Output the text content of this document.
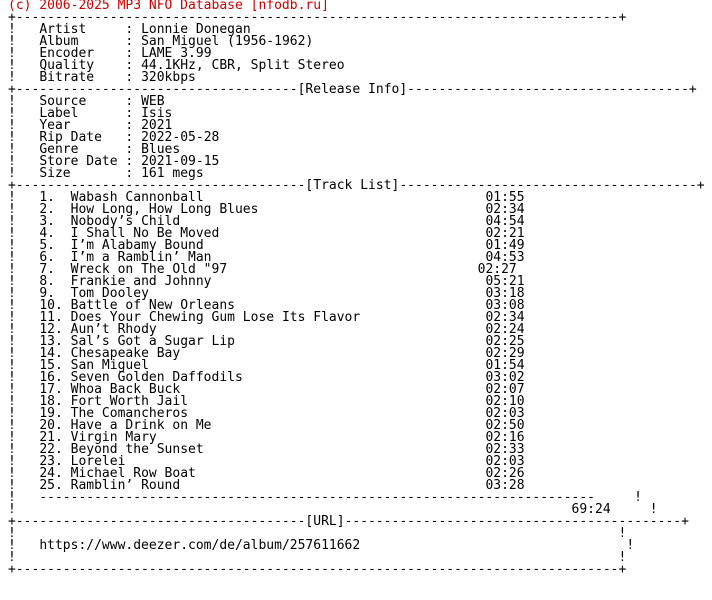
(c) 2006-2025 MP3 NFO Database [nfodb.ru]
+-----------------------------------------------------------------------------+
!   Artist     : Lonnie Donegan
!   Album      : San Miguel (1956-1962)
!   Encoder    : LAME 3.99
!   Quality    : 44.1KHz, CBR, Split Stereo
!   Bitrate    : 320kbps
+------------------------------------[Release Info]------------------------------------+
!   Source     : WEB
!   Label      : Isis
!   Year       : 2021
!   Rip Date   : 2022-05-28
!   Genre      : Blues
!   Store Date : 2021-09-15
!   Size       : 161 megs
+-------------------------------------[Track List]--------------------------------------+
!   1. Wabash Cannonball	01:55
!   2. How Long, How Long Blues	02:34
!   3. Nobody’s Child	04:54
!   4. I Shall No Be Moved	02:21
!   5. I’m Alabamy Bound	01:49
!   6. I’m a Ramblin’ Man	04:53
!   7. Wreck on The Old "97	02:27
!   8. Frankie and Johnny	05:21
!   9. Tom Dooley	03:18
!   10. Battle of New Orleans	03:08
!   11. Does Your Chewing Gum Lose Its Flavor	02:34
!   12. Aun’t Rhody	02:24
!   13. Sal’s Got a Sugar Lip	02:25
!   14. Chesapeake Bay	02:29
!   15. San Miguel	01:54
!   16. Seven Golden Daffodils	03:02
!   17. Whoa Back Buck	02:07
!   18. Fort Worth Jail	02:10
!   19. The Comancheros	02:03
!   20. Have a Drink on Me	02:50
!   21. Virgin Mary	02:16
!   22. Beyond the Sunset	02:33
!   23. Lorelei	02:03
!   24. Michael Row Boat	02:26
!   25. Ramblin’ Round	03:28
!   -----------------------------------------------------------------------     !
!                                                                       69:24     !
+-------------------------------------[URL]-------------------------------------------+
!                                                                             !
!   https://www.deezer.com/de/album/257611662	!
!                                                                             !
+-----------------------------------------------------------------------------+
